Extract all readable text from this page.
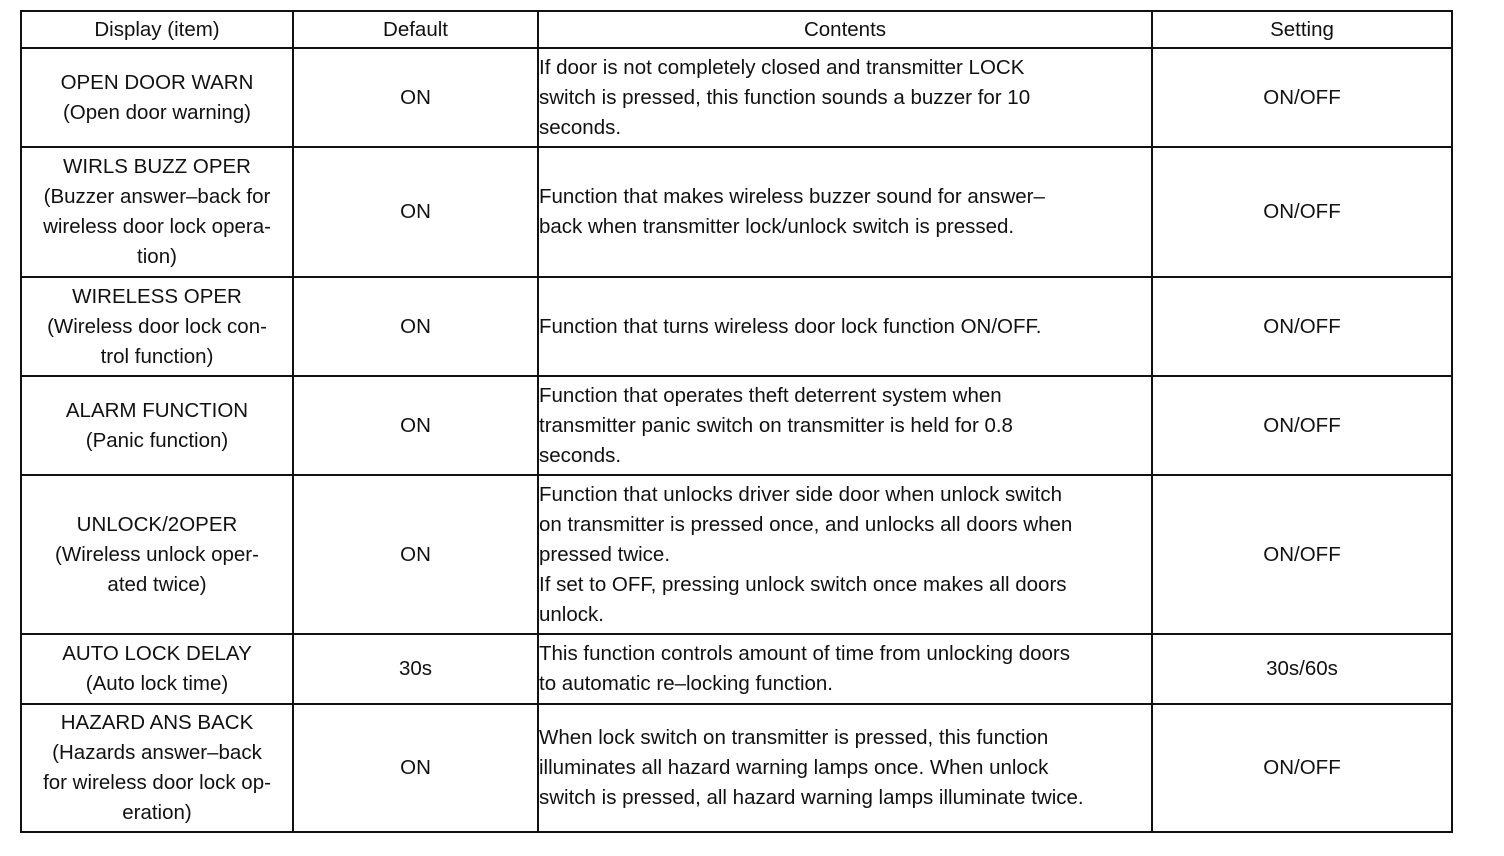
Display (item)	Default	Contents	Setting

OPEN DOOR WARN
(Open door warning)	ON	If door is not completely closed and transmitter LOCK
switch is pressed, this function sounds a buzzer for 10
seconds.	ON/OFF

WIRLS BUZZ OPER
(Buzzer answer–back for
wireless door lock opera-
tion)	ON	Function that makes wireless buzzer sound for answer–
back when transmitter lock/unlock switch is pressed.	ON/OFF

WIRELESS OPER
(Wireless door lock con-
trol function)	ON	Function that turns wireless door lock function ON/OFF.	ON/OFF

ALARM FUNCTION
(Panic function)	ON	Function that operates theft deterrent system when
transmitter panic switch on transmitter is held for 0.8
seconds.	ON/OFF

UNLOCK/2OPER
(Wireless unlock oper-
ated twice)	ON	Function that unlocks driver side door when unlock switch
on transmitter is pressed once, and unlocks all doors when
pressed twice.
If set to OFF, pressing unlock switch once makes all doors
unlock.	ON/OFF

AUTO LOCK DELAY
(Auto lock time)	30s	This function controls amount of time from unlocking doors
to automatic re–locking function.	30s/60s

HAZARD ANS BACK
(Hazards answer–back
for wireless door lock op-
eration)	ON	When lock switch on transmitter is pressed, this function
illuminates all hazard warning lamps once. When unlock
switch is pressed, all hazard warning lamps illuminate twice.	ON/OFF
